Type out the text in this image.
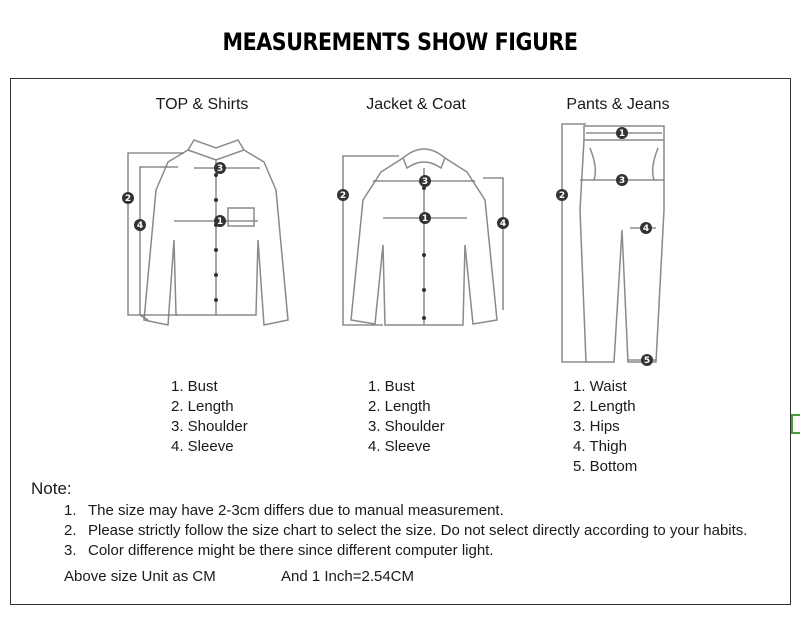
MEASUREMENTS SHOW FIGURE
TOP & Shirts	Jacket & Coat	Pants & Jeans
1
2
3
4
1
2
3
4
1
2
3
4
5
1. Bust
2. Length
3. Shoulder
4. Sleeve
1. Bust
2. Length
3. Shoulder
4. Sleeve
1. Waist
2. Length
3. Hips
4. Thigh
5. Bottom
Note:
1. The size may have 2-3cm differs due to manual measurement.
2. Please strictly follow the size chart to select the size. Do not select directly according to your habits.
3. Color difference might be there since different computer light.
Above size Unit as CM	And 1 Inch=2.54CM
